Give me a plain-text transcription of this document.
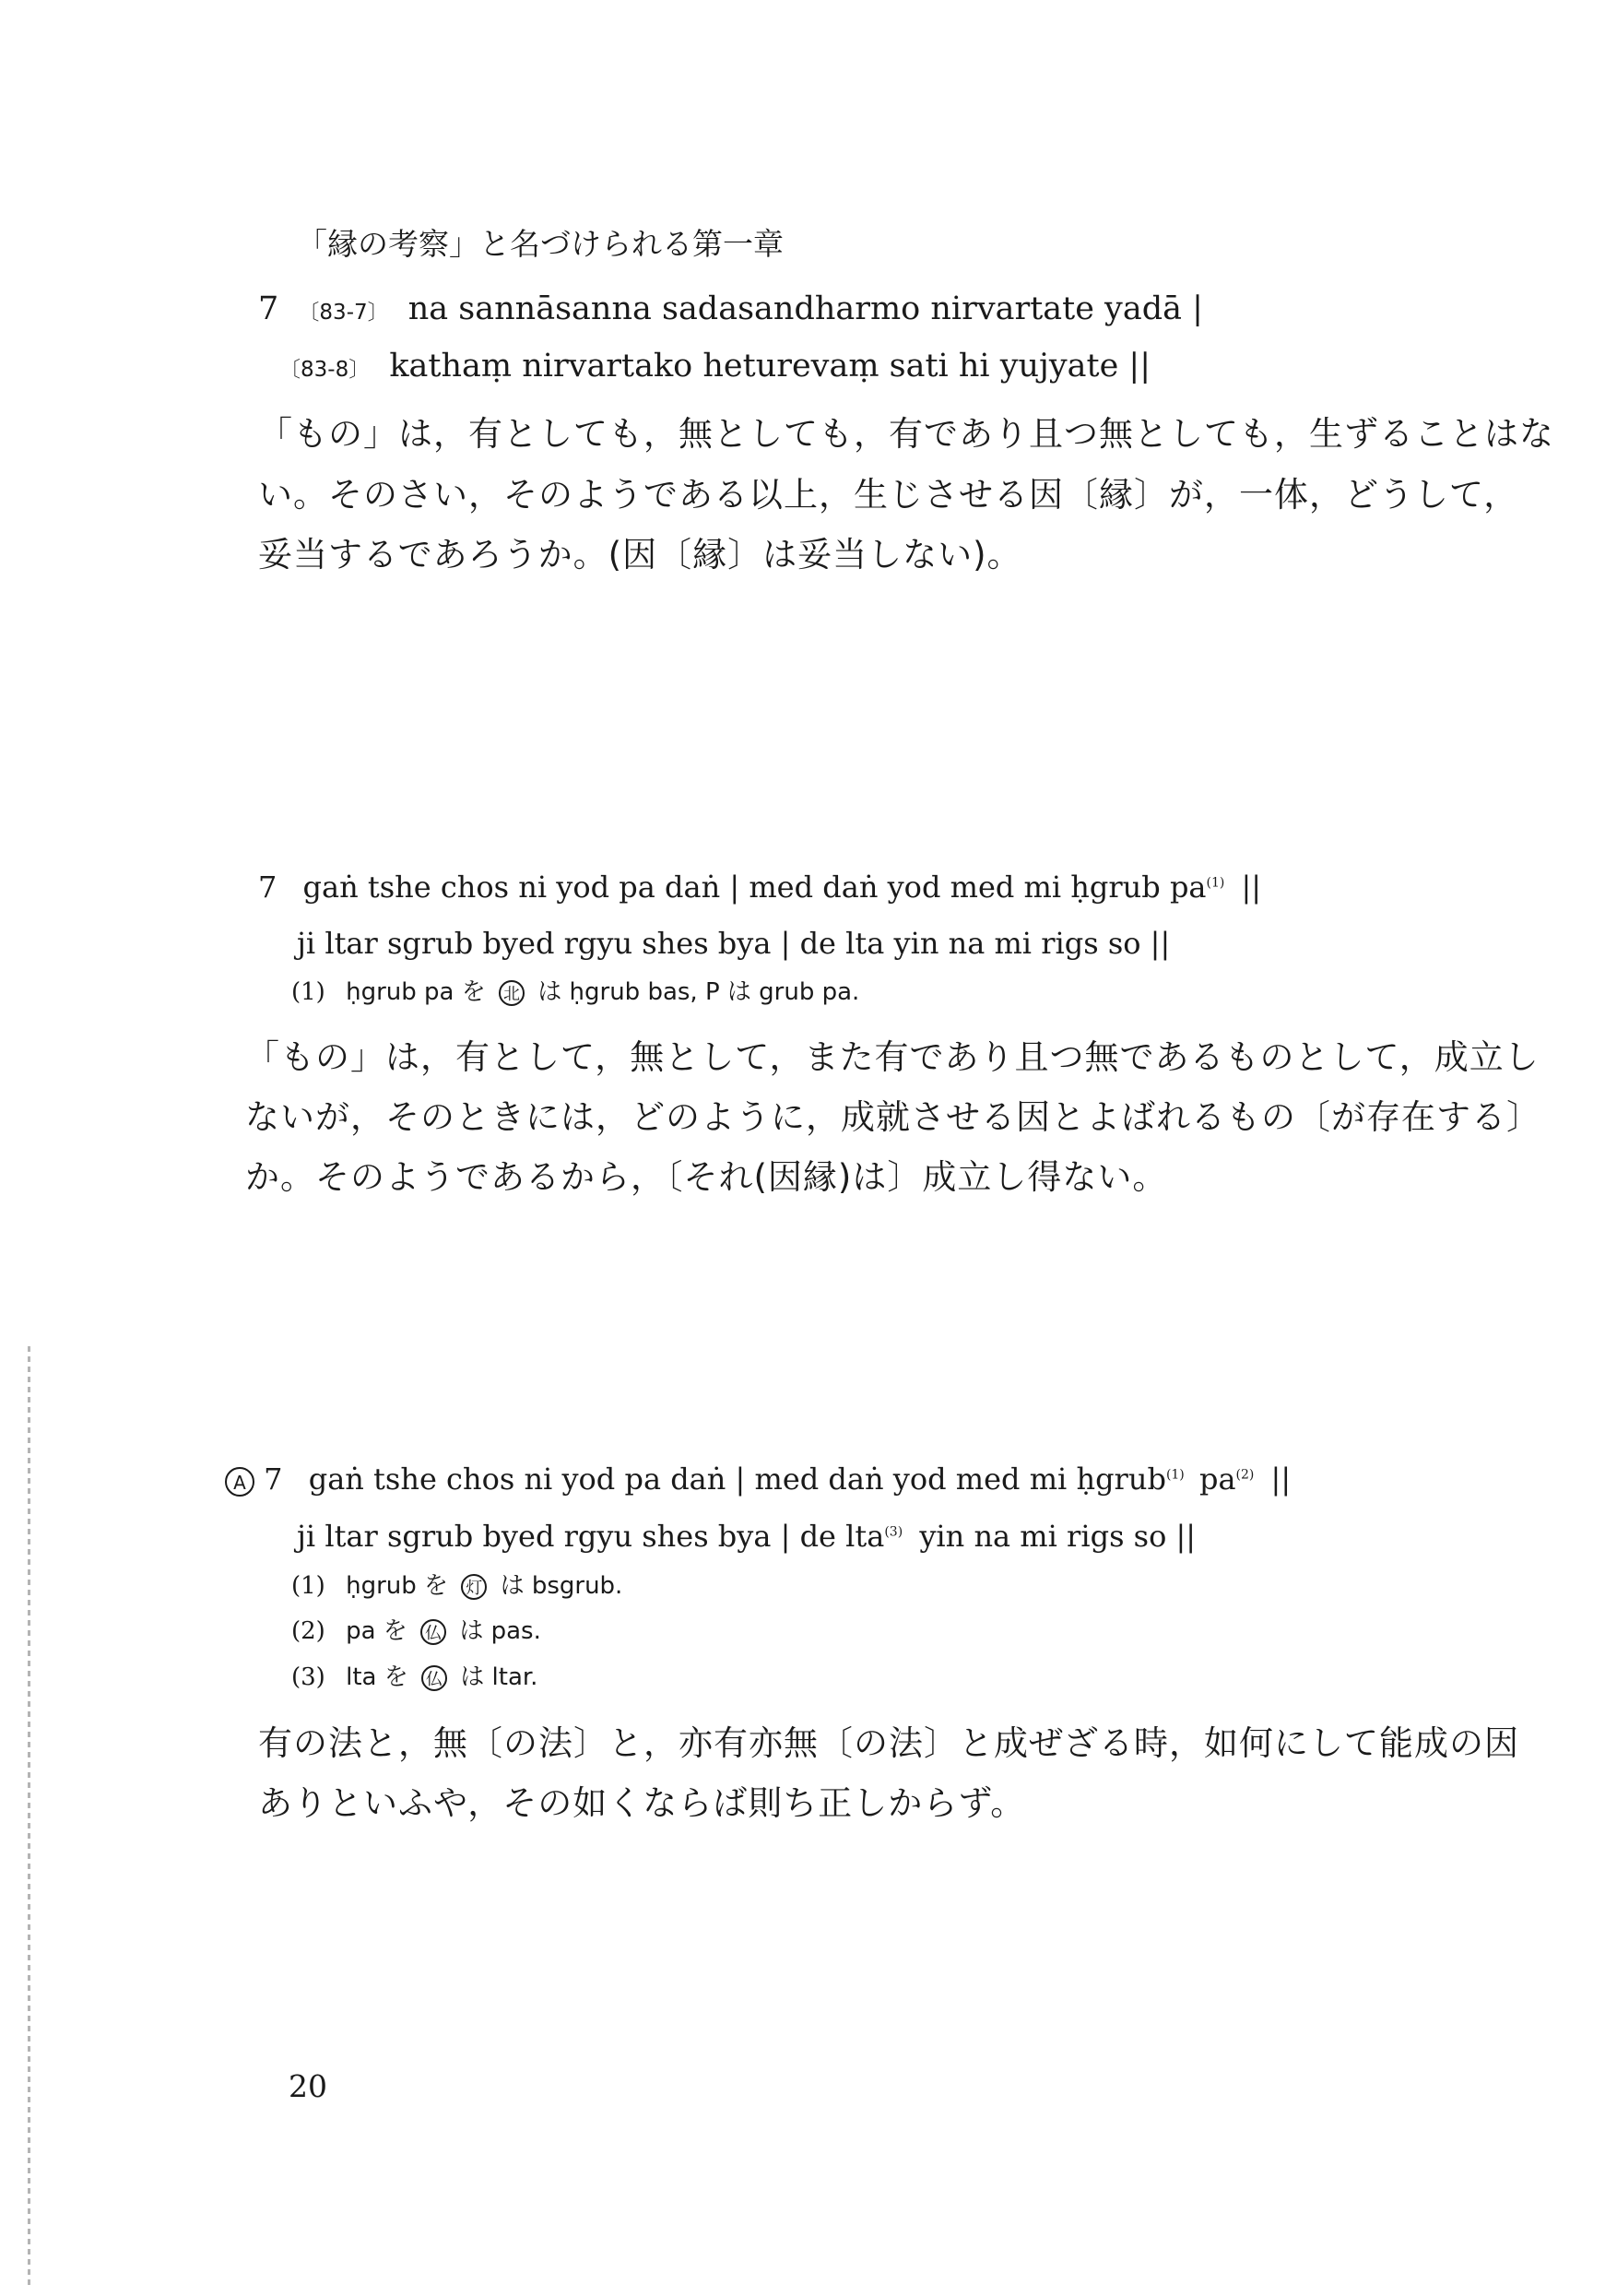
「縁の考察」と名づけられる第一章
7 〔83-7〕 na sannāsanna sadasandharmo nirvartate yadā |
〔83-8〕 kathaṃ nirvartako heturevaṃ sati hi yujyate ||
「もの」は，有としても，無としても，有であり且つ無としても，生ずることはな
い。そのさい，そのようである以上，生じさせる因〔縁〕が，一体，どうして，
妥当するであろうか。(因〔縁〕は妥当しない)。
7 gaṅ tshe chos ni yod pa daṅ | med daṅ yod med mi ḥgrub $pa^{(1)}$ ||
ji ltar sgrub byed rgyu shes bya | de lta yin na mi rigs so ||
(1) ḥgrub pa を 北 は ḥgrub bas, P は grub pa.
「もの」は，有として，無として，また有であり且つ無であるものとして，成立し
ないが，そのときには，どのように，成就させる因とよばれるもの〔が存在する〕
か。そのようであるから，〔それ(因縁)は〕成立し得ない。
A 7 gaṅ tshe chos ni yod pa daṅ | med daṅ yod med mi ḥgrub$^{(1)}$ $pa^{(2)}$ ||
ji ltar sgrub byed rgyu shes bya | de lta$^{(3)}$ yin na mi rigs so ||
(1) ḥgrub を 灯 は bsgrub.
(2) pa を 仏 は pas.
(3) lta を 仏 は ltar.
有の法と，無〔の法〕と，亦有亦無〔の法〕と成ぜざる時，如何にして能成の因
ありといふや，その如くならば則ち正しからず。
20
